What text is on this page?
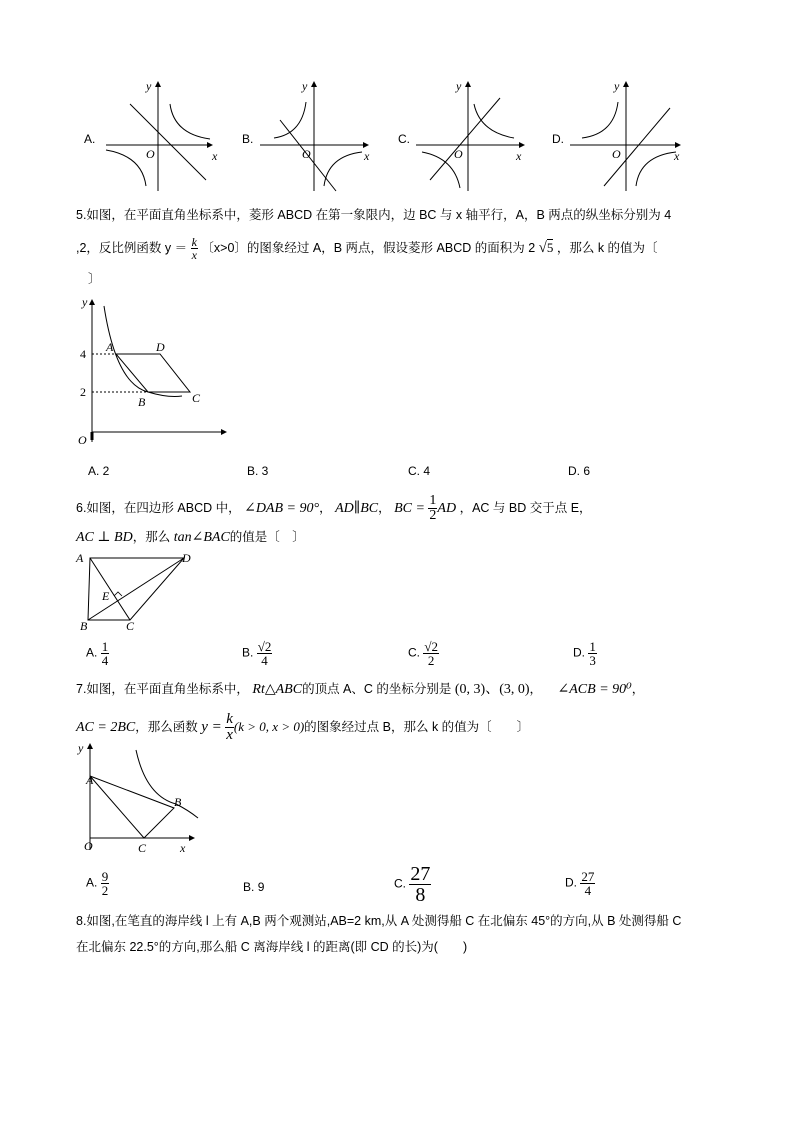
A.
y
x
O
B.
y
x
O
C.
y
x
O
D.
y
x
O
5.如图，在平面直角坐标系中，菱形 ABCD 在第一象限内，边 BC 与 x 轴平行，A，B 两点的纵坐标分别为 4
,2，反比例函数 $y = \frac{k}{x}$ 〔x>0〕的图象经过 A，B 两点，假设菱形 ABCD 的面积为 2 √5 ，那么 k 的值为〔
〕
y
4
2
O
A	D
B	C
A. 2	B. 3	C. 4	D. 6
6.如图，在四边形 ABCD 中， ∠DAB = 90°， AD∥BC， BC = $\frac{1}{2}$ AD ，AC 与 BD 交于点 E，
AC ⊥ BD，那么 tan∠BAC的值是〔　〕
A	D
B	C
E
A. $\frac{1}{4}$	B. $\frac{√2}{4}$	C. $\frac{√2}{2}$	D. $\frac{1}{3}$
7.如图，在平面直角坐标系中， Rt△ABC的顶点 A、C 的坐标分别是 (0, 3)、(3, 0)， ∠ACB = 90⁰，
AC = 2BC，那么函数 $y = \frac{k}{x} (k > 0$, x > 0)的图象经过点 B，那么 k 的值为〔　　〕
y
A
B
C
O	x
A. $\frac{9}{2}$	B. 9	C. $\frac{27}{8}$	D. $\frac{27}{4}$
8.如图,在笔直的海岸线 l 上有 A,B 两个观测站,AB=2 km,从 A 处测得船 C 在北偏东 45°的方向,从 B 处测得船 C
在北偏东 22.5°的方向,那么船 C 离海岸线 l 的距离(即 CD 的长)为(　　)
